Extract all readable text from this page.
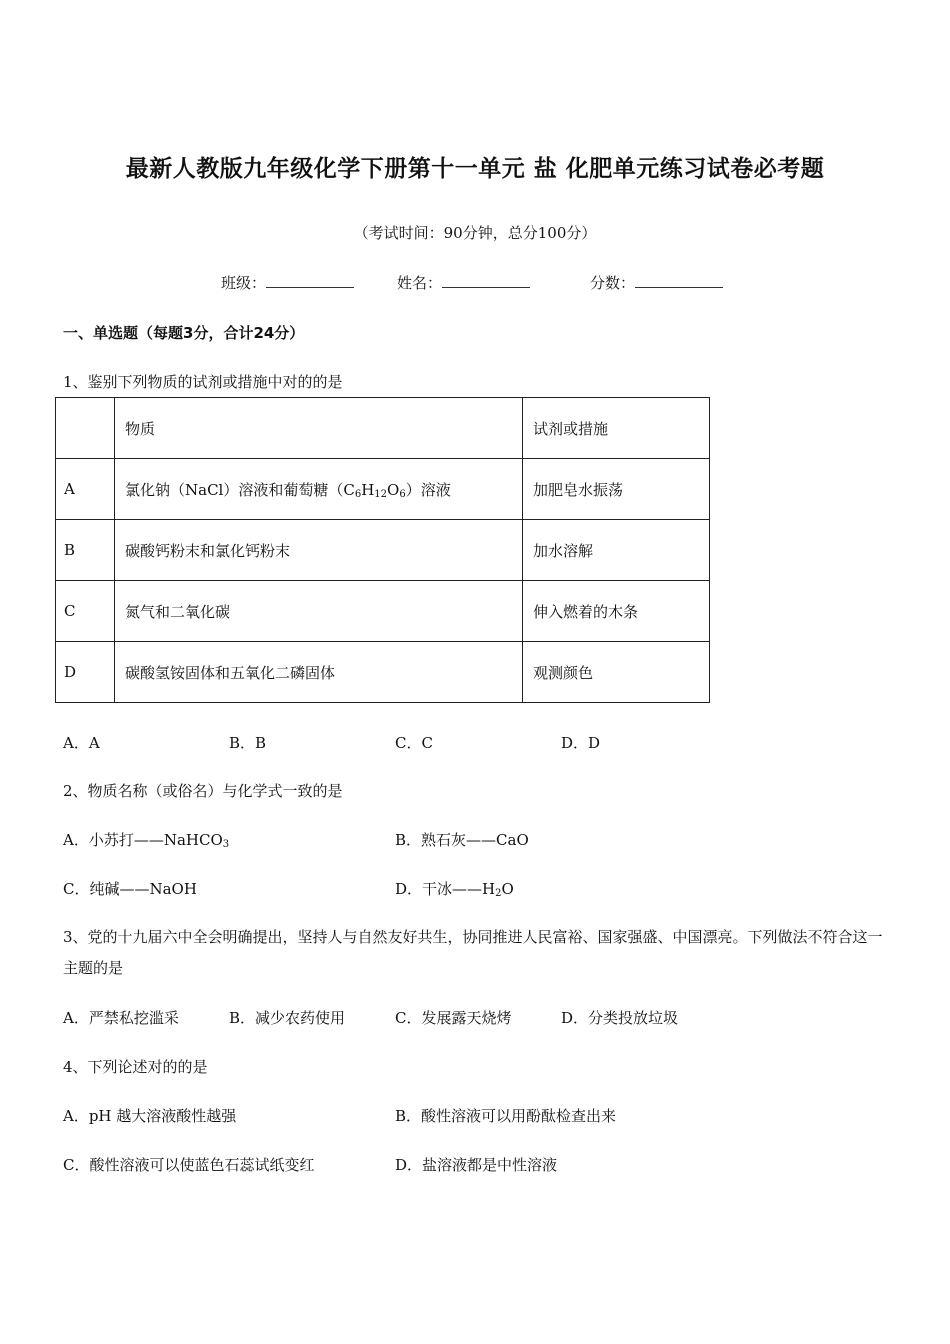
最新人教版九年级化学下册第十一单元 盐 化肥单元练习试卷必考题
（考试时间：90分钟，总分100分）
班级：	姓名：	分数：
一、单选题（每题3分，合计24分）
1、鉴别下列物质的试剂或措施中对的的是
	物质	试剂或措施
A	氯化钠（NaCl）溶液和葡萄糖$(C_6H_{12}O_6)$溶液	加肥皂水振荡
B	碳酸钙粉末和氯化钙粉末	加水溶解
C	氮气和二氧化碳	伸入燃着的木条
D	碳酸氢铵固体和五氧化二磷固体	观测颜色
A．A	B．B	C．C	D．D
2、物质名称（或俗名）与化学式一致的是
A．小苏打——NaHCO$_3$	B．熟石灰——CaO
C．纯碱——NaOH	D．干冰$——H_2O$
3、党的十九届六中全会明确提出，坚持人与自然友好共生，协同推进人民富裕、国家强盛、中国漂亮。下列做法不符合这一主题的是
A．严禁私挖滥采	B．减少农药使用	C．发展露天烧烤	D．分类投放垃圾
4、下列论述对的的是
A．pH 越大溶液酸性越强	B．酸性溶液可以用酚酞检查出来
C．酸性溶液可以使蓝色石蕊试纸变红	D．盐溶液都是中性溶液
